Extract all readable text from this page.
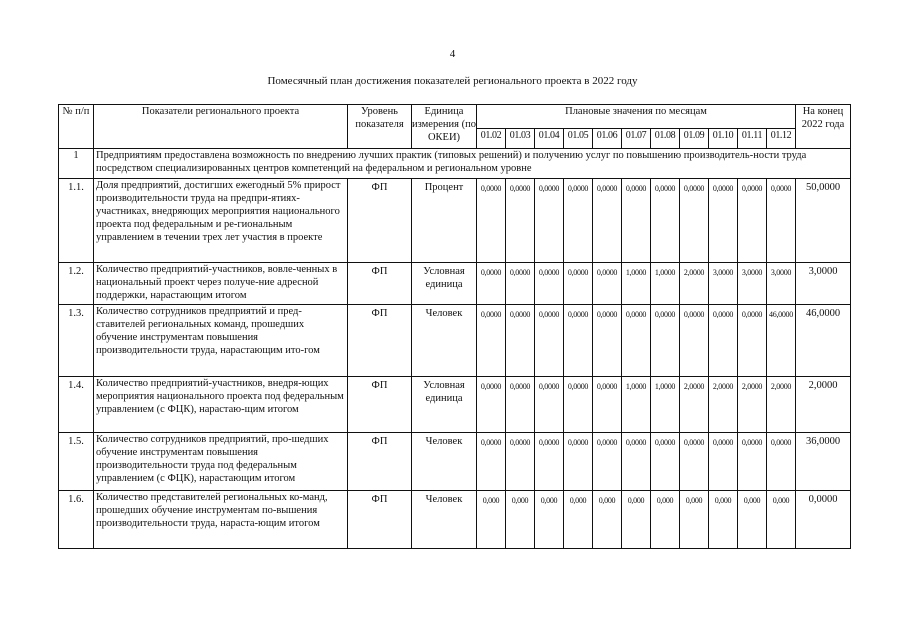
4
Помесячный план достижения показателей регионального проекта в 2022 году
№ п/п	Показатели регионального проекта	Уровень показателя	Единица измерения (по ОКЕИ)	Плановые значения по месяцам											На конец 2022 года
				01.02	01.03	01.04	01.05	01.06	01.07	01.08	01.09	01.10	01.11	01.12	
1	Предприятиям предоставлена возможность по внедрению лучших практик (типовых решений) и получению услуг по повышению производитель-ности труда посредством специализированных центров компетенций на федеральном и региональном уровне														
1.1.	Доля предприятий, достигших ежегодный 5% прирост производительности труда на предпри-ятиях-участниках, внедряющих мероприятия национального проекта под федеральным и ре-гиональным управлением в течении трех лет участия в проекте	ФП	Процент	0,0000	0,0000	0,0000	0,0000	0,0000	0,0000	0,0000	0,0000	0,0000	0,0000	0,0000	50,0000
1.2.	Количество предприятий-участников, вовле-ченных в национальный проект через получе-ние адресной поддержки, нарастающим итогом	ФП	Условная единица	0,0000	0,0000	0,0000	0,0000	0,0000	1,0000	1,0000	2,0000	3,0000	3,0000	3,0000	3,0000
1.3.	Количество сотрудников предприятий и пред-ставителей региональных команд, прошедших обучение инструментам повышения производительности труда, нарастающим ито-гом	ФП	Человек	0,0000	0,0000	0,0000	0,0000	0,0000	0,0000	0,0000	0,0000	0,0000	0,0000	46,0000	46,0000
1.4.	Количество предприятий-участников, внедря-ющих мероприятия национального проекта под федеральным управлением (с ФЦК), нарастаю-щим итогом	ФП	Условная единица	0,0000	0,0000	0,0000	0,0000	0,0000	1,0000	1,0000	2,0000	2,0000	2,0000	2,0000	2,0000
1.5.	Количество сотрудников предприятий, про-шедших обучение инструментам повышения производительности труда под федеральным управлением (с ФЦК), нарастающим итогом	ФП	Человек	0,0000	0,0000	0,0000	0,0000	0,0000	0,0000	0,0000	0,0000	0,0000	0,0000	0,0000	36,0000
1.6.	Количество представителей региональных ко-манд, прошедших обучение инструментам по-вышения производительности труда, нараста-ющим итогом	ФП	Человек	0,000	0,000	0,000	0,000	0,000	0,000	0,000	0,000	0,000	0,000	0,000	0,0000
